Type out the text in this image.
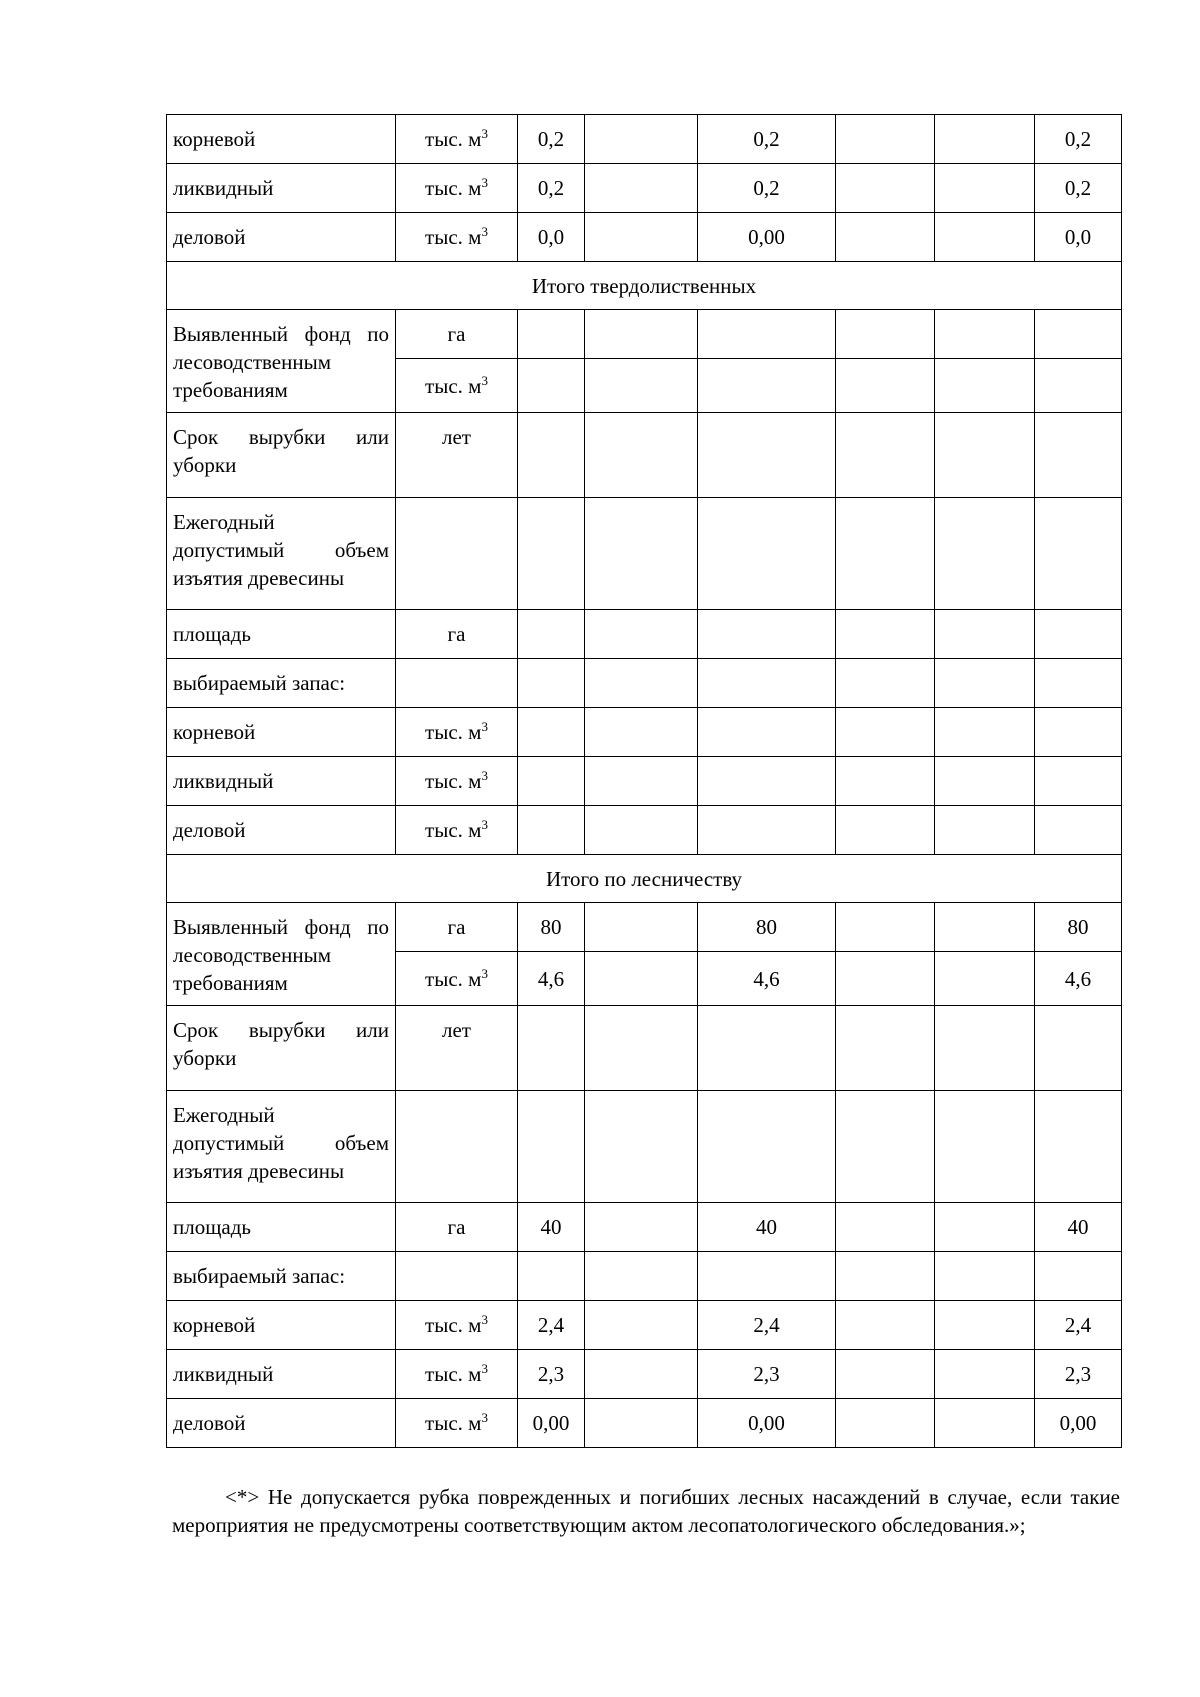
корневой	тыс. $м^3$	0,2		0,2			0,2
ликвидный	тыс. $м^3$	0,2		0,2			0,2
деловой	тыс. $м^3$	0,0		0,00			0,0
Итого твердолиственных							
Выявленный фонд по лесоводственным требованиям	га						
	тыс. $м^3$						
Срок вырубки или уборки	лет						
Ежегодный допустимый объем изъятия древесины							
площадь	га						
выбираемый запас:							
корневой	тыс. $м^3$						
ликвидный	тыс. $м^3$						
деловой	тыс. $м^3$						
Итого по лесничеству							
Выявленный фонд по лесоводственным требованиям	га	80		80			80
	тыс. $м^3$	4,6		4,6			4,6
Срок вырубки или уборки	лет						
Ежегодный допустимый объем изъятия древесины							
площадь	га	40		40			40
выбираемый запас:							
корневой	тыс. $м^3$	2,4		2,4			2,4
ликвидный	тыс. $м^3$	2,3		2,3			2,3
деловой	тыс. $м^3$	0,00		0,00			0,00

<*> Не допускается рубка поврежденных и погибших лесных насаждений в случае, если такие мероприятия не предусмотрены соответствующим актом лесопатологического обследования.»;
